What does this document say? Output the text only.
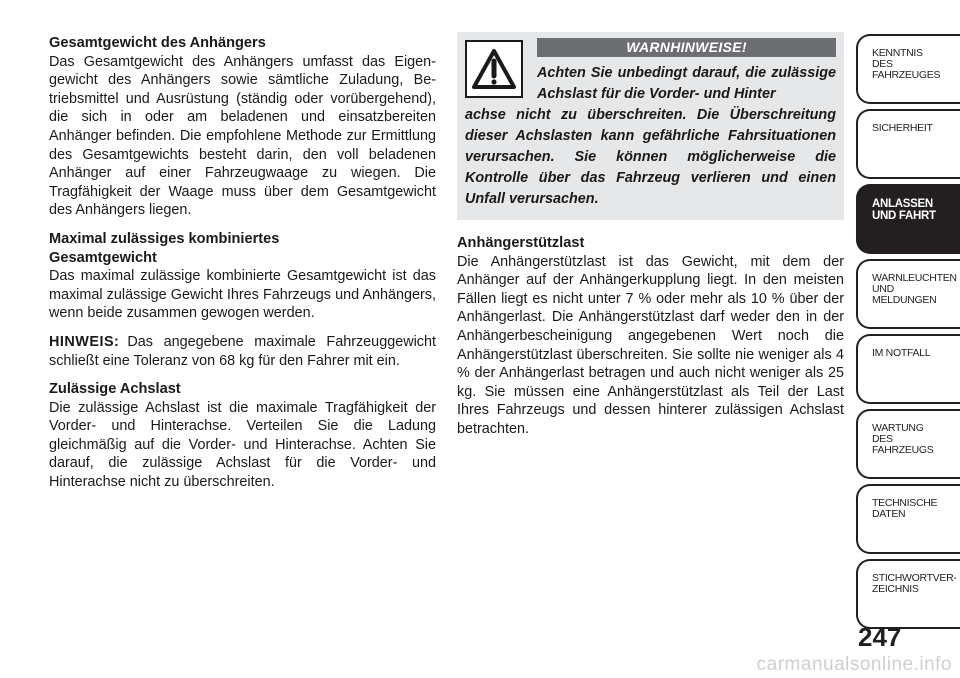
Gesamtgewicht des Anhängers

Das Gesamtgewicht des Anhängers umfasst das Eigengewicht des Anhängers sowie sämtliche Zuladung, Betriebsmittel und Ausrüstung (ständig oder vorübergehend), die sich in oder am beladenen und einsatzbereiten Anhänger befinden. Die empfohlene Methode zur Ermittlung des Gesamtgewichts besteht darin, den voll beladenen Anhänger auf einer Fahrzeugwaage zu wiegen. Die Tragfähigkeit der Waage muss über dem Gesamtgewicht des Anhängers liegen.

Maximal zulässiges kombiniertes
Gesamtgewicht

Das maximal zulässige kombinierte Gesamtgewicht ist das maximal zulässige Gewicht Ihres Fahrzeugs und Anhängers, wenn beide zusammen gewogen werden.

HINWEIS: Das angegebene maximale Fahrzeuggewicht schließt eine Toleranz von 68 kg für den Fahrer mit ein.

Zulässige Achslast

Die zulässige Achslast ist die maximale Tragfähigkeit der Vorder- und Hinterachse. Verteilen Sie die Ladung gleichmäßig auf die Vorder- und Hinterachse. Achten Sie darauf, die zulässige Achslast für die Vorder- und Hinterachse nicht zu überschreiten.

WARNHINWEISE!
Achten Sie unbedingt darauf, die zulässige Achslast für die Vorder- und Hinter
achse nicht zu überschreiten. Die Überschreitung dieser Achslasten kann gefährliche Fahrsituationen verursachen. Sie können möglicherweise die Kontrolle über das Fahrzeug verlieren und einen Unfall verursachen.

Anhängerstützlast

Die Anhängerstützlast ist das Gewicht, mit dem der Anhänger auf der Anhängerkupplung liegt. In den meisten Fällen liegt es nicht unter 7 % oder mehr als 10 % über der Anhängerlast. Die Anhängerstützlast darf weder den in der Anhängerbescheinigung angegebenen Wert noch die Anhängerstützlast überschreiten. Sie sollte nie weniger als 4 % der Anhängerlast betragen und auch nicht weniger als 25 kg. Sie müssen eine Anhängerstützlast als Teil der Last Ihres Fahrzeugs und dessen hinterer zulässigen Achslast betrachten.

KENNTNIS
DES
FAHRZEUGES
SICHERHEIT
ANLASSEN
UND FAHRT
WARNLEUCHTEN
UND
MELDUNGEN
IM NOTFALL
WARTUNG
DES
FAHRZEUGS
TECHNISCHE
DATEN
STICHWORTVER-
ZEICHNIS
247
carmanualsonline.info
